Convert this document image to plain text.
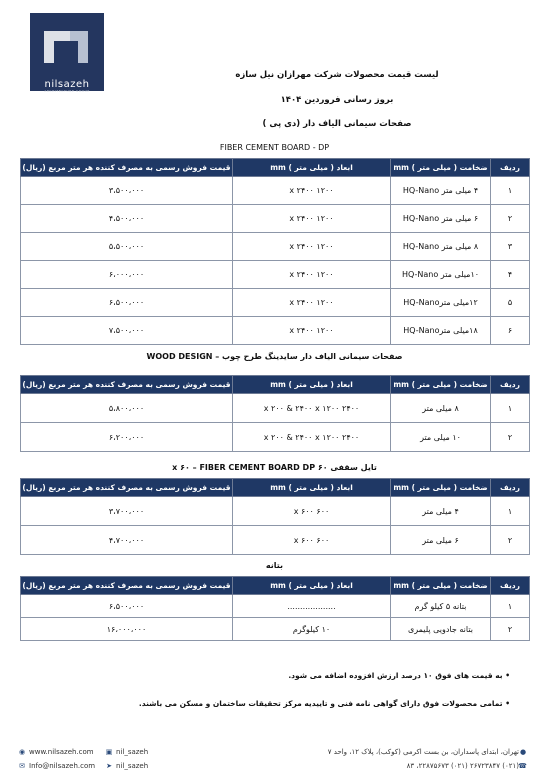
nilsazeh
ARCHITECTURE GROUP
لیست قیمت محصولات شرکت مهرازان نیل سازه
بروز رسانی فروردین ۱۴۰۴
صفحات سیمانی الیاف دار (دی پی )
FIBER CEMENT BOARD - DP
ردیف	ضخامت ( میلی متر ) mm	ابعاد ( میلی متر ) mm	قیمت فروش رسمی به مصرف کننده هر متر مربع (ریال)
۱	۴ میلی متر HQ-Nano	۱۲۰۰ x ۲۴۰۰	۳،۵۰۰،۰۰۰
۲	۶ میلی متر HQ-Nano	۱۲۰۰ x ۲۴۰۰	۴،۵۰۰،۰۰۰
۳	۸ میلی متر HQ-Nano	۱۲۰۰ x ۲۴۰۰	۵،۵۰۰،۰۰۰
۴	۱۰میلی متر HQ-Nano	۱۲۰۰ x ۲۴۰۰	۶،۰۰۰،۰۰۰
۵	۱۲میلی مترHQ-Nano	۱۲۰۰ x ۲۴۰۰	۶،۵۰۰،۰۰۰
۶	۱۸میلی مترHQ-Nano	۱۲۰۰ x ۲۴۰۰	۷،۵۰۰،۰۰۰
صفحات سیمانی الیاف دار سایدینگ طرح چوب – WOOD DESIGN
ردیف	ضخامت ( میلی متر ) mm	ابعاد ( میلی متر ) mm	قیمت فروش رسمی به مصرف کننده هر متر مربع (ریال)
۱	۸ میلی متر	۲۴۰۰ x ۲۰۰ & ۲۴۰۰ x ۱۲۰۰	۵،۸۰۰،۰۰۰
۲	۱۰ میلی متر	۲۴۰۰ x ۲۰۰ & ۲۴۰۰ x ۱۲۰۰	۶،۲۰۰،۰۰۰
تایل سقفی ۶۰ x ۶۰ – FIBER CEMENT BOARD DP
ردیف	ضخامت ( میلی متر ) mm	ابعاد ( میلی متر ) mm	قیمت فروش رسمی به مصرف کننده هر متر مربع (ریال)
۱	۴ میلی متر	۶۰۰ x ۶۰۰	۳،۷۰۰،۰۰۰
۲	۶ میلی متر	۶۰۰ x ۶۰۰	۴،۷۰۰،۰۰۰
بتانه
ردیف	ضخامت ( میلی متر ) mm	ابعاد ( میلی متر ) mm	قیمت فروش رسمی به مصرف کننده هر متر مربع (ریال)
۱	بتانه ۵ کیلو گرم	...................	۶،۵۰۰،۰۰۰
۲	بتانه جادویی پلیمری	۱۰ کیلوگرم	۱۶،۰۰۰،۰۰۰
• به قیمت های فوق ۱۰ درصد ارزش افزوده اضافه می شود.
• تمامی محصولات فوق دارای گواهی نامه فنی و تاییدیه مرکز تحقیقات ساختمان و مسکن می باشند.
◉ www.nilsazeh.com
✉ Info@nilsazeh.com
▣ nil_sazeh
➤ nil_sazeh
●تهران، ابتدای پاسداران، بن بست اکرمی (کوکب)، پلاک ۱۲، واحد ۷
☎(۰۲۱) ۲۶۷۲۳۸۴۷ (۰۲۱) ۲۲۸۷۵۶۷۳، ۸۳
